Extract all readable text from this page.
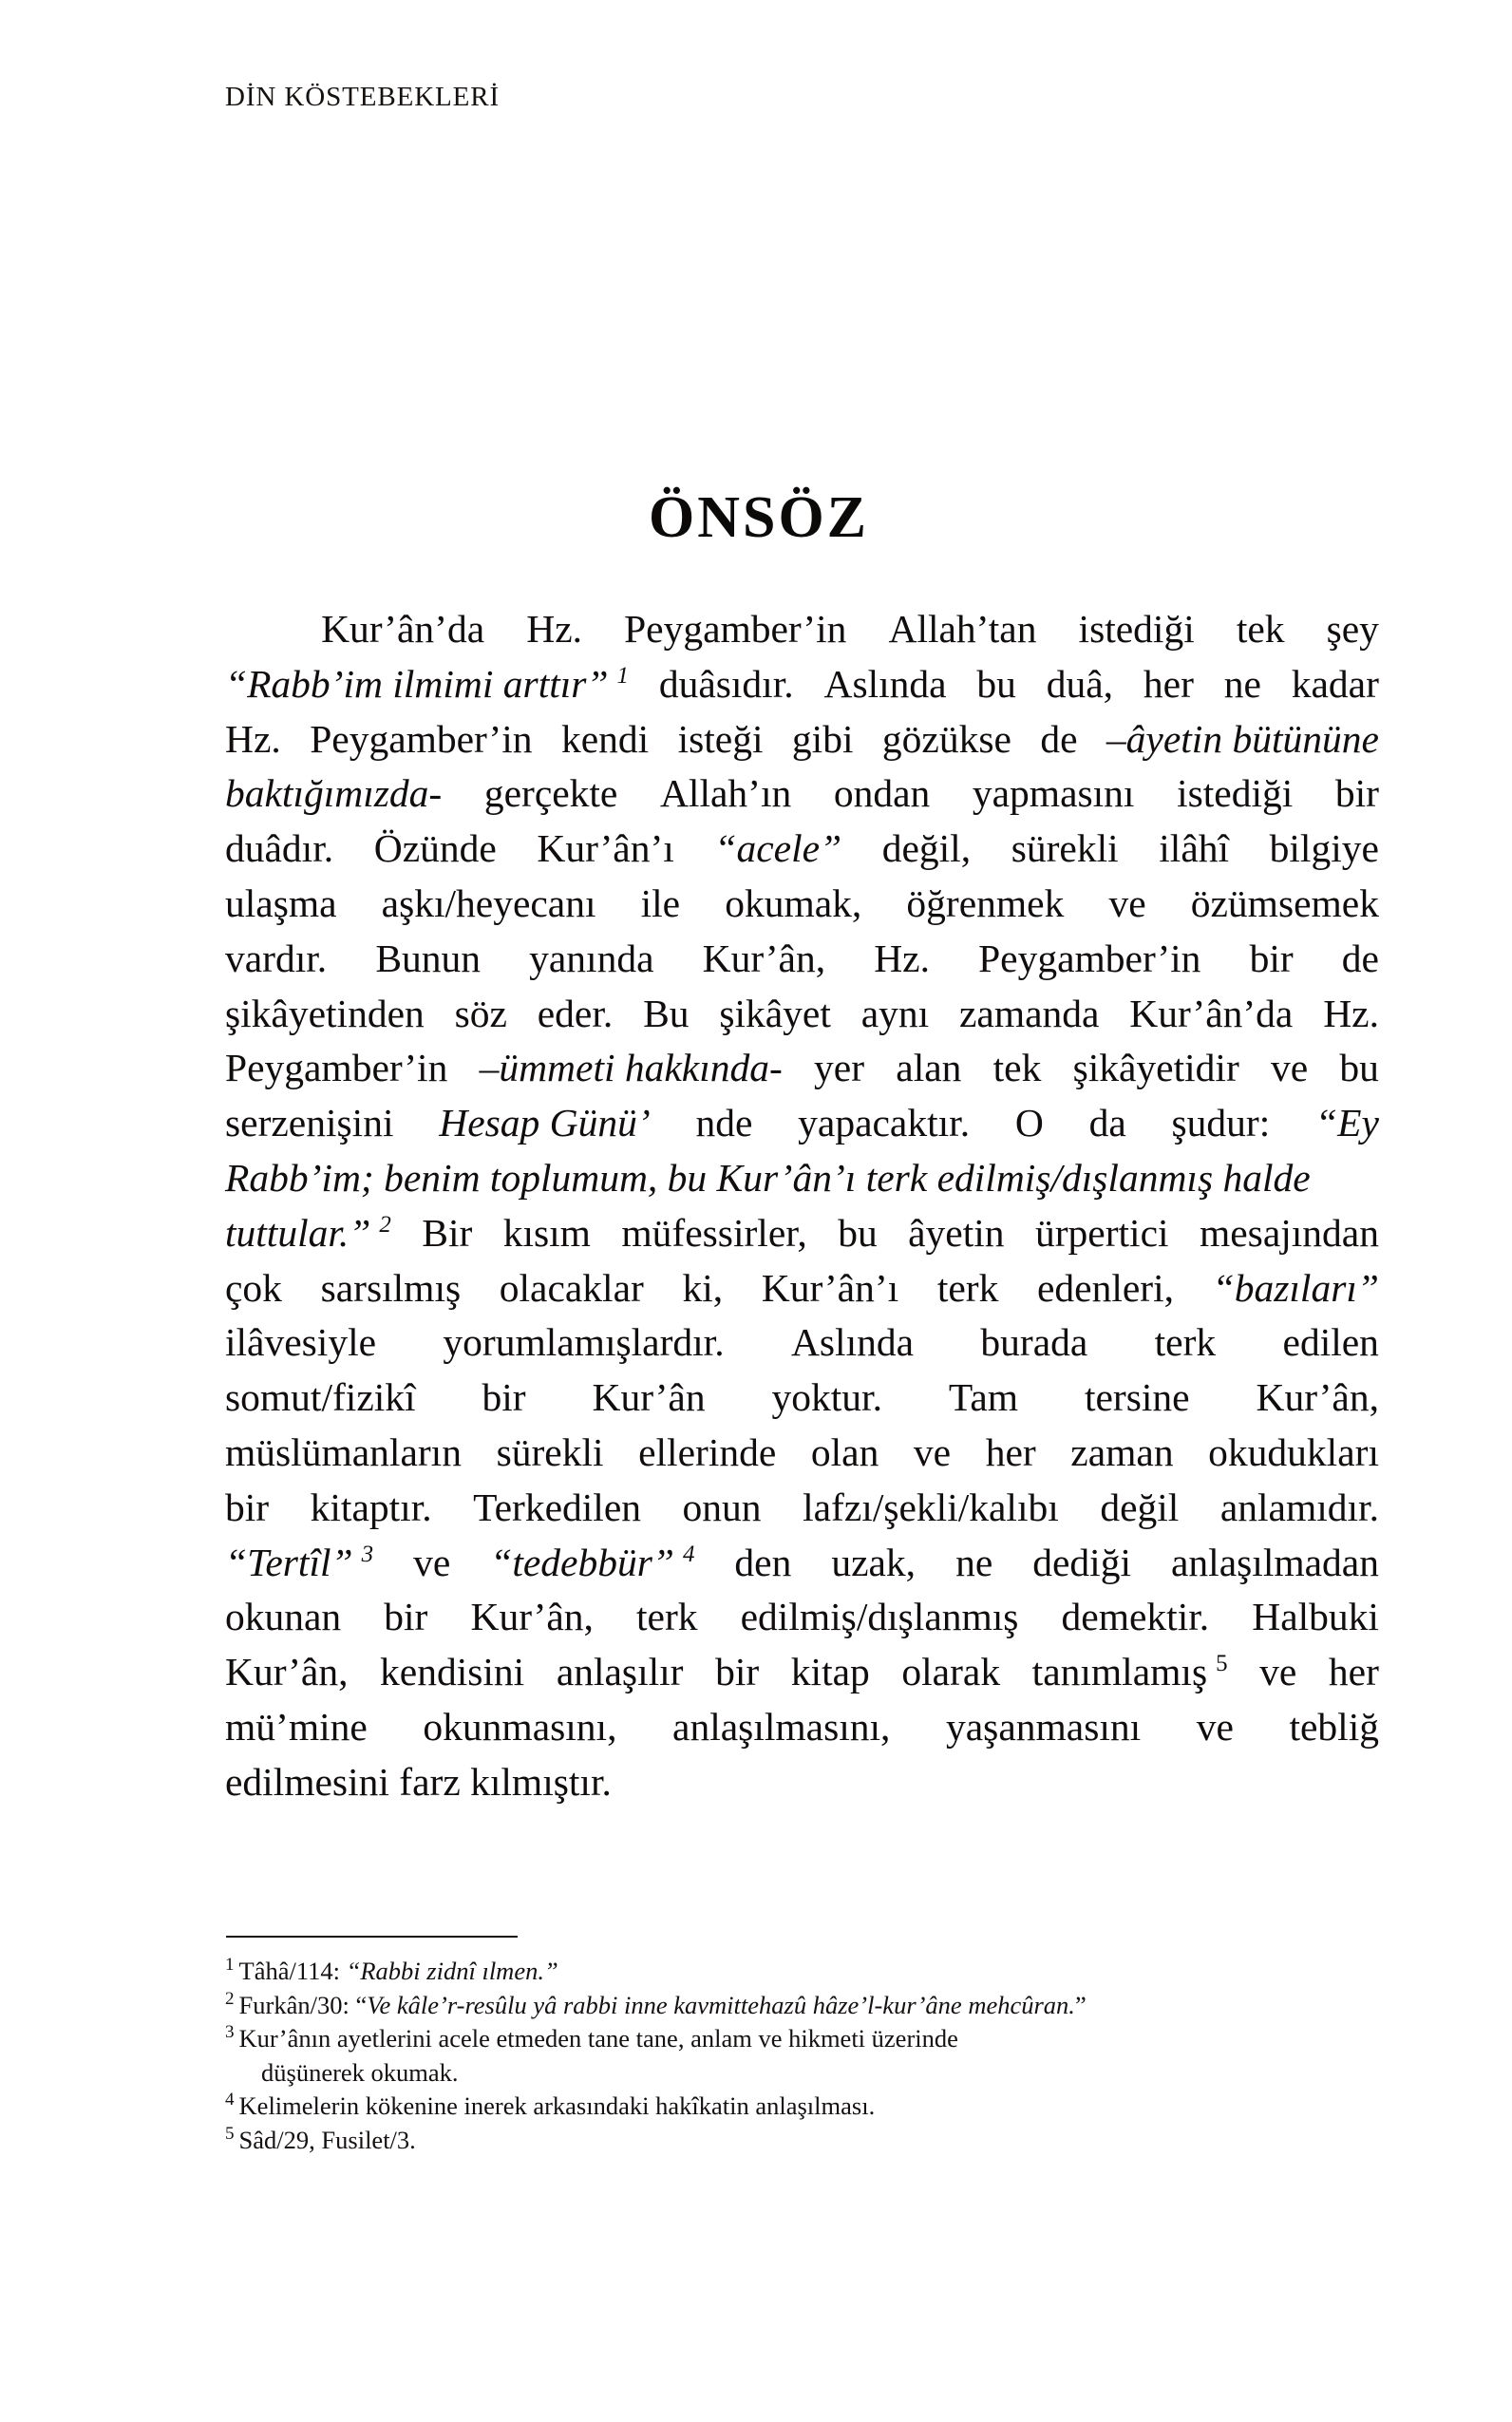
DİN KÖSTEBEKLERİ
ÖNSÖZ
Kur’ân’da Hz. Peygamber’in Allah’tan istediği tek şey
“Rabb’im ilmimi arttır” $^1$ duâsıdır. Aslında bu duâ, her ne kadar
Hz. Peygamber’in kendi isteği gibi gözükse de –âyetin bütününe
baktığımızda- gerçekte Allah’ın ondan yapmasını istediği bir
duâdır. Özünde Kur’ân’ı “acele” değil, sürekli ilâhî bilgiye
ulaşma aşkı/heyecanı ile okumak, öğrenmek ve özümsemek
vardır. Bunun yanında Kur’ân, Hz. Peygamber’in bir de
şikâyetinden söz eder. Bu şikâyet aynı zamanda Kur’ân’da Hz.
Peygamber’in –ümmeti hakkında- yer alan tek şikâyetidir ve bu
serzenişini Hesap Günü’ nde yapacaktır. O da şudur: “Ey
Rabb’im; benim toplumum, bu Kur’ân’ı terk edilmiş/dışlanmış halde
tuttular.” $^2$ Bir kısım müfessirler, bu âyetin ürpertici mesajından
çok sarsılmış olacaklar ki, Kur’ân’ı terk edenleri, “bazıları”
ilâvesiyle yorumlamışlardır. Aslında burada terk edilen
somut/fizikî bir Kur’ân yoktur. Tam tersine Kur’ân,
müslümanların sürekli ellerinde olan ve her zaman okudukları
bir kitaptır. Terkedilen onun lafzı/şekli/kalıbı değil anlamıdır.
“Tertîl” $^3$ ve “tedebbür” $^4$ den uzak, ne dediği anlaşılmadan
okunan bir Kur’ân, terk edilmiş/dışlanmış demektir. Halbuki
Kur’ân, kendisini anlaşılır bir kitap olarak tanımlamış $^5$ ve her
mü’mine okunmasını, anlaşılmasını, yaşanmasını ve tebliğ
edilmesini farz kılmıştır.
$^1$ Tâhâ/114: “Rabbi zidnî ılmen.”
$^2$ Furkân/30: “Ve kâle’r-resûlu yâ rabbi inne kavmittehazû hâze’l-kur’âne mehcûran.”
$^3$ Kur’ânın ayetlerini acele etmeden tane tane, anlam ve hikmeti üzerinde
düşünerek okumak.
$^4$ Kelimelerin kökenine inerek arkasındaki hakîkatin anlaşılması.
$^5$ Sâd/29, Fusilet/3.
